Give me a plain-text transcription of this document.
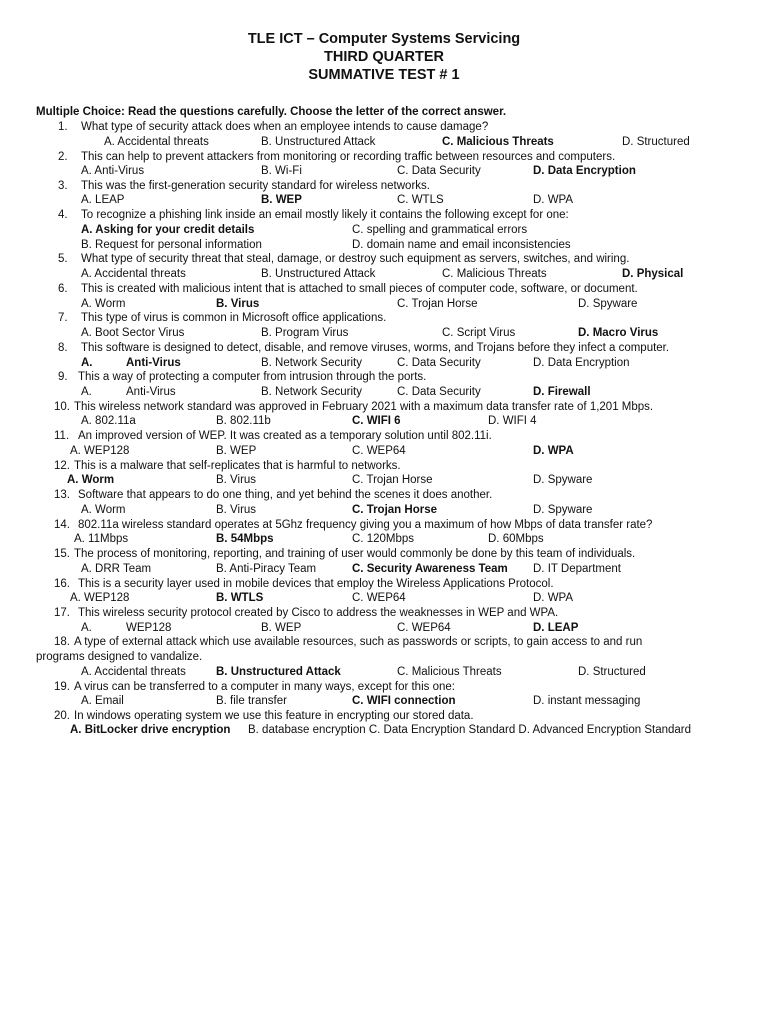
TLE ICT – Computer Systems Servicing
THIRD QUARTER
SUMMATIVE TEST # 1
Multiple Choice: Read the questions carefully. Choose the letter of the correct answer.
1. What type of security attack does when an employee intends to cause damage?
A. Accidental threats	B. Unstructured Attack	C. Malicious Threats	D. Structured
2. This can help to prevent attackers from monitoring or recording traffic between resources and computers.
A. Anti-Virus	B. Wi-Fi	C. Data Security	D. Data Encryption
3. This was the first-generation security standard for wireless networks.
A. LEAP	B. WEP	C. WTLS	D. WPA
4. To recognize a phishing link inside an email mostly likely it contains the following except for one:
A. Asking for your credit details	C. spelling and grammatical errors
B. Request for personal information	D. domain name and email inconsistencies
5. What type of security threat that steal, damage, or destroy such equipment as servers, switches, and wiring.
A. Accidental threats	B. Unstructured Attack	C. Malicious Threats	D. Physical
6. This is created with malicious intent that is attached to small pieces of computer code, software, or document.
A. Worm	B. Virus	C. Trojan Horse	D. Spyware
7. This type of virus is common in Microsoft office applications.
A. Boot Sector Virus	B. Program Virus	C. Script Virus	D. Macro Virus
8. This software is designed to detect, disable, and remove viruses, worms, and Trojans before they infect a computer.
A.	Anti-Virus	B. Network Security	C. Data Security	D. Data Encryption
9. This a way of protecting a computer from intrusion through the ports.
A.	Anti-Virus	B. Network Security	C. Data Security	D. Firewall
10. This wireless network standard was approved in February 2021 with a maximum data transfer rate of 1,201 Mbps.
A. 802.11a	B. 802.11b	C. WIFI 6	D. WIFI 4
11. An improved version of WEP. It was created as a temporary solution until 802.11i.
A. WEP128	B. WEP	C. WEP64	D. WPA
12. This is a malware that self-replicates that is harmful to networks.
A. Worm	B. Virus	C. Trojan Horse	D. Spyware
13. Software that appears to do one thing, and yet behind the scenes it does another.
A. Worm	B. Virus	C. Trojan Horse	D. Spyware
14. 802.11a wireless standard operates at 5Ghz frequency giving you a maximum of how Mbps of data transfer rate?
A. 11Mbps	B. 54Mbps	C. 120Mbps	D. 60Mbps
15. The process of monitoring, reporting, and training of user would commonly be done by this team of individuals.
A. DRR Team	B. Anti-Piracy Team	C. Security Awareness Team D. IT Department
16. This is a security layer used in mobile devices that employ the Wireless Applications Protocol.
A. WEP128	B. WTLS	C. WEP64	D. WPA
17. This wireless security protocol created by Cisco to address the weaknesses in WEP and WPA.
A.	WEP128	B. WEP	C. WEP64	D. LEAP
18. A type of external attack which use available resources, such as passwords or scripts, to gain access to and run
programs designed to vandalize.
A. Accidental threats	B. Unstructured Attack	C. Malicious Threats	D. Structured
19. A virus can be transferred to a computer in many ways, except for this one:
A. Email	B. file transfer	C. WIFI connection	D. instant messaging
20. In windows operating system we use this feature in encrypting our stored data.
A. BitLocker drive encryption B. database encryption C. Data Encryption Standard D. Advanced Encryption Standard
